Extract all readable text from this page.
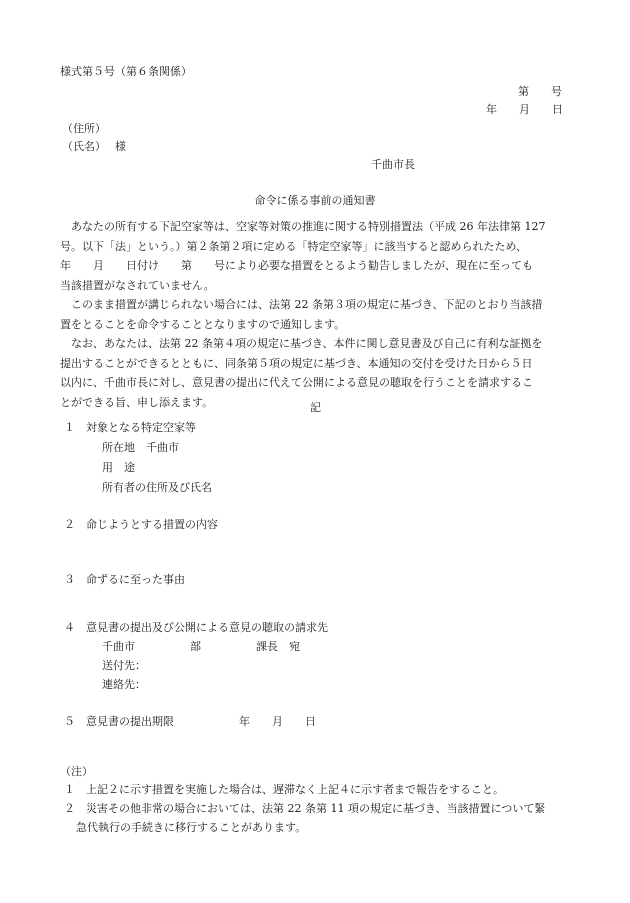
様式第５号（第６条関係）
第　　号
年　　月　　日
（住所）
（氏名）　 様
千曲市長
命令に係る事前の通知書
　あなたの所有する下記空家等は、空家等対策の推進に関する特別措置法（平成 26 年法律第 127
号。以下「法」という。）第２条第２項に定める「特定空家等」に該当すると認められたため、
年　　月　　日付け　　第　　号により必要な措置をとるよう勧告しましたが、現在に至っても
当該措置がなされていません。
　このまま措置が講じられない場合には、法第 22 条第３項の規定に基づき、下記のとおり当該措
置をとることを命令することとなりますので通知します。
　なお、あなたは、法第 22 条第４項の規定に基づき、本件に関し意見書及び自己に有利な証拠を
提出することができるとともに、同条第５項の規定に基づき、本通知の交付を受けた日から５日
以内に、千曲市長に対し、意見書の提出に代えて公開による意見の聴取を行うことを請求するこ
とができる旨、申し添えます。	記
１ 対象となる特定空家等
所在地　千曲市
用　途
所有者の住所及び氏名
２ 命じようとする措置の内容
３ 命ずるに至った事由
４ 意見書の提出及び公開による意見の聴取の請求先
千曲市　　　　　部　　　　　課長　宛
送付先：
連絡先：
５ 意見書の提出期限	年　　月　　日
（注）
１ 上記２に示す措置を実施した場合は、遅滞なく上記４に示す者まで報告をすること。
２ 災害その他非常の場合においては、法第 22 条第 11 項の規定に基づき、当該措置について緊
急代執行の手続きに移行することがあります。
